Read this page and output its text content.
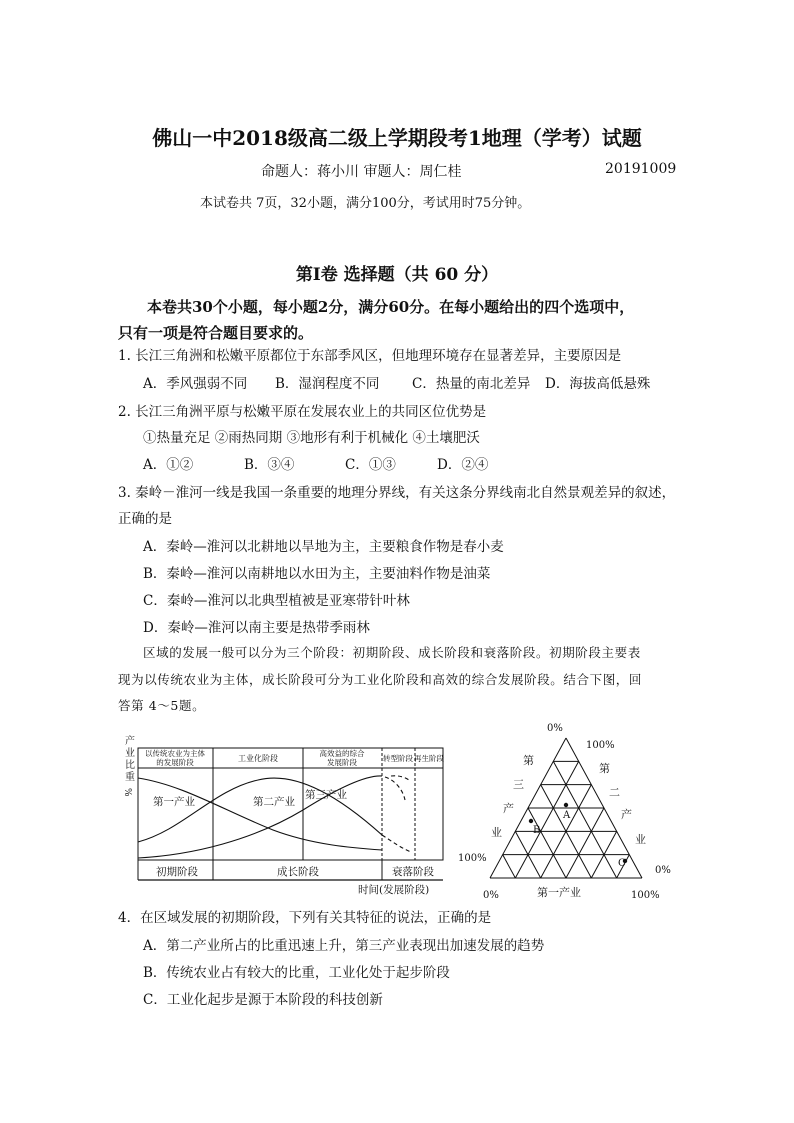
佛山一中2018级高二级上学期段考1地理（学考）试题
命题人：蒋小川 审题人：周仁桂	20191009
本试卷共 7页，32小题，满分100分，考试用时75分钟。
第Ⅰ卷 选择题（共 60 分）
本卷共30个小题，每小题2分，满分60分。在每小题给出的四个选项中，
只有一项是符合题目要求的。
1. 长江三角洲和松嫩平原都位于东部季风区，但地理环境存在显著差异，主要原因是
A．季风强弱不同 B．湿润程度不同 C．热量的南北差异 D．海拔高低悬殊
2. 长江三角洲平原与松嫩平原在发展农业上的共同区位优势是
①热量充足 ②雨热同期 ③地形有利于机械化 ④土壤肥沃
A．①②	B．③④	C．①③	D．②④
3. 秦岭－淮河一线是我国一条重要的地理分界线，有关这条分界线南北自然景观差异的叙述，
正确的是
A．秦岭—淮河以北耕地以旱地为主，主要粮食作物是春小麦
B．秦岭—淮河以南耕地以水田为主，主要油料作物是油菜
C．秦岭—淮河以北典型植被是亚寒带针叶林
D．秦岭—淮河以南主要是热带季雨林
区域的发展一般可以分为三个阶段：初期阶段、成长阶段和衰落阶段。初期阶段主要表
现为以传统农业为主体，成长阶段可分为工业化阶段和高效的综合发展阶段。结合下图，回
答第 4～5题。
产
业
比
重
%
以传统农业为主体
的发展阶段	工业化阶段
高效益的综合
发展阶段	转型阶段 再生阶段
第一产业	第二产业
第三产业
初期阶段	成长阶段	衰落阶段
时间(发展阶段)
A
B
C
0%
100%
100%
0%
0%	100%
第
三
产
业
第
二
产
业
第一产业
4．在区域发展的初期阶段，下列有关其特征的说法，正确的是
A．第二产业所占的比重迅速上升，第三产业表现出加速发展的趋势
B．传统农业占有较大的比重，工业化处于起步阶段
C．工业化起步是源于本阶段的科技创新
